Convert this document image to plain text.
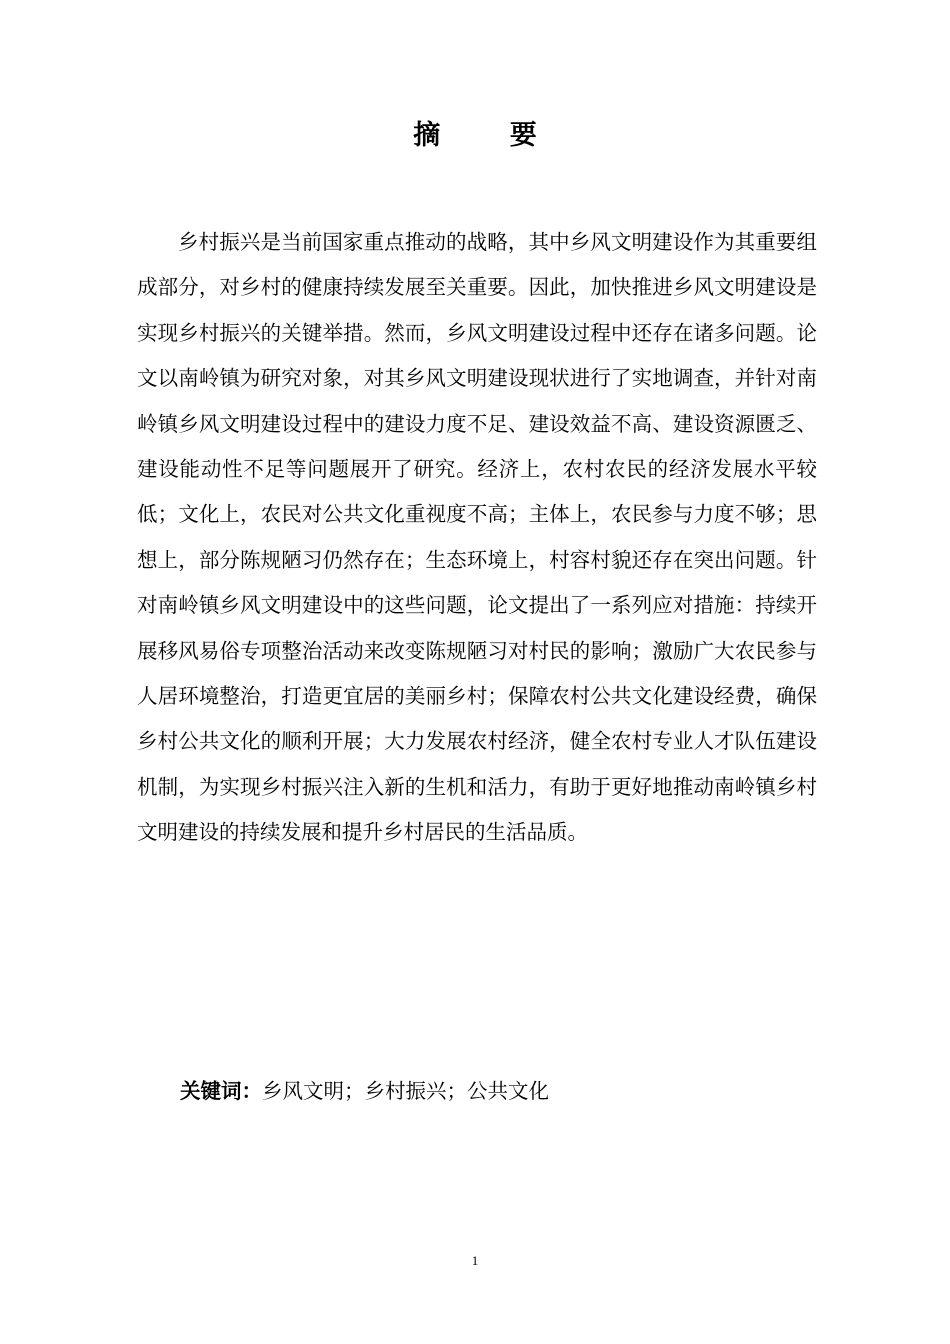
摘 要

乡村振兴是当前国家重点推动的战略，其中乡风文明建设作为其重要组成部分，对乡村的健康持续发展至关重要。因此，加快推进乡风文明建设是实现乡村振兴的关键举措。然而，乡风文明建设过程中还存在诸多问题。论文以南岭镇为研究对象，对其乡风文明建设现状进行了实地调查，并针对南岭镇乡风文明建设过程中的建设力度不足、建设效益不高、建设资源匮乏、建设能动性不足等问题展开了研究。经济上，农村农民的经济发展水平较低；文化上，农民对公共文化重视度不高；主体上，农民参与力度不够；思想上，部分陈规陋习仍然存在；生态环境上，村容村貌还存在突出问题。针对南岭镇乡风文明建设中的这些问题，论文提出了一系列应对措施：持续开展移风易俗专项整治活动来改变陈规陋习对村民的影响；激励广大农民参与人居环境整治，打造更宜居的美丽乡村；保障农村公共文化建设经费，确保乡村公共文化的顺利开展；大力发展农村经济，健全农村专业人才队伍建设机制，为实现乡村振兴注入新的生机和活力，有助于更好地推动南岭镇乡村文明建设的持续发展和提升乡村居民的生活品质。

关键词：乡风文明；乡村振兴；公共文化
1
